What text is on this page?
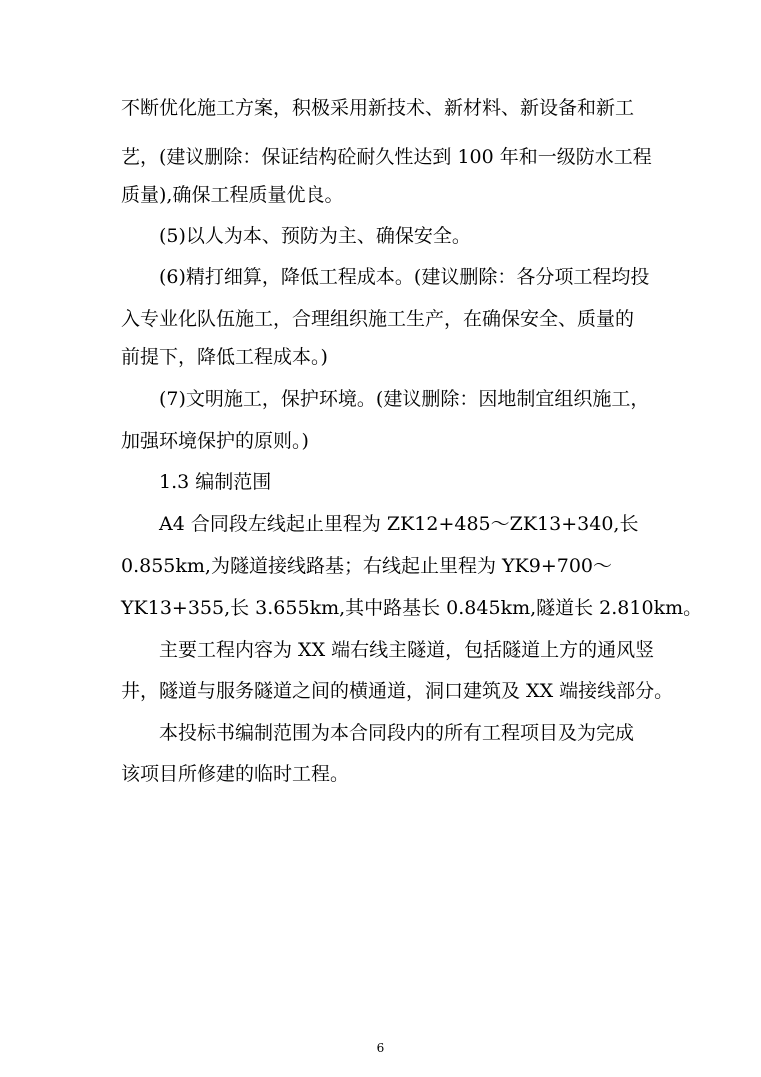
不断优化施工方案，积极采用新技术、新材料、新设备和新工
艺，(建议删除：保证结构砼耐久性达到 100 年和一级防水工程
质量),确保工程质量优良。
(5)以人为本、预防为主、确保安全。
(6)精打细算，降低工程成本。(建议删除：各分项工程均投
入专业化队伍施工，合理组织施工生产，在确保安全、质量的
前提下，降低工程成本。)
(7)文明施工，保护环境。(建议删除：因地制宜组织施工，
加强环境保护的原则。)
1.3 编制范围
A4 合同段左线起止里程为 ZK12+485～ZK13+340,长
0.855km,为隧道接线路基；右线起止里程为 YK9+700～
YK13+355,长 3.655km,其中路基长 0.845km,隧道长 2.810km。
主要工程内容为 XX 端右线主隧道，包括隧道上方的通风竖
井，隧道与服务隧道之间的横通道，洞口建筑及 XX 端接线部分。
本投标书编制范围为本合同段内的所有工程项目及为完成
该项目所修建的临时工程。
6
